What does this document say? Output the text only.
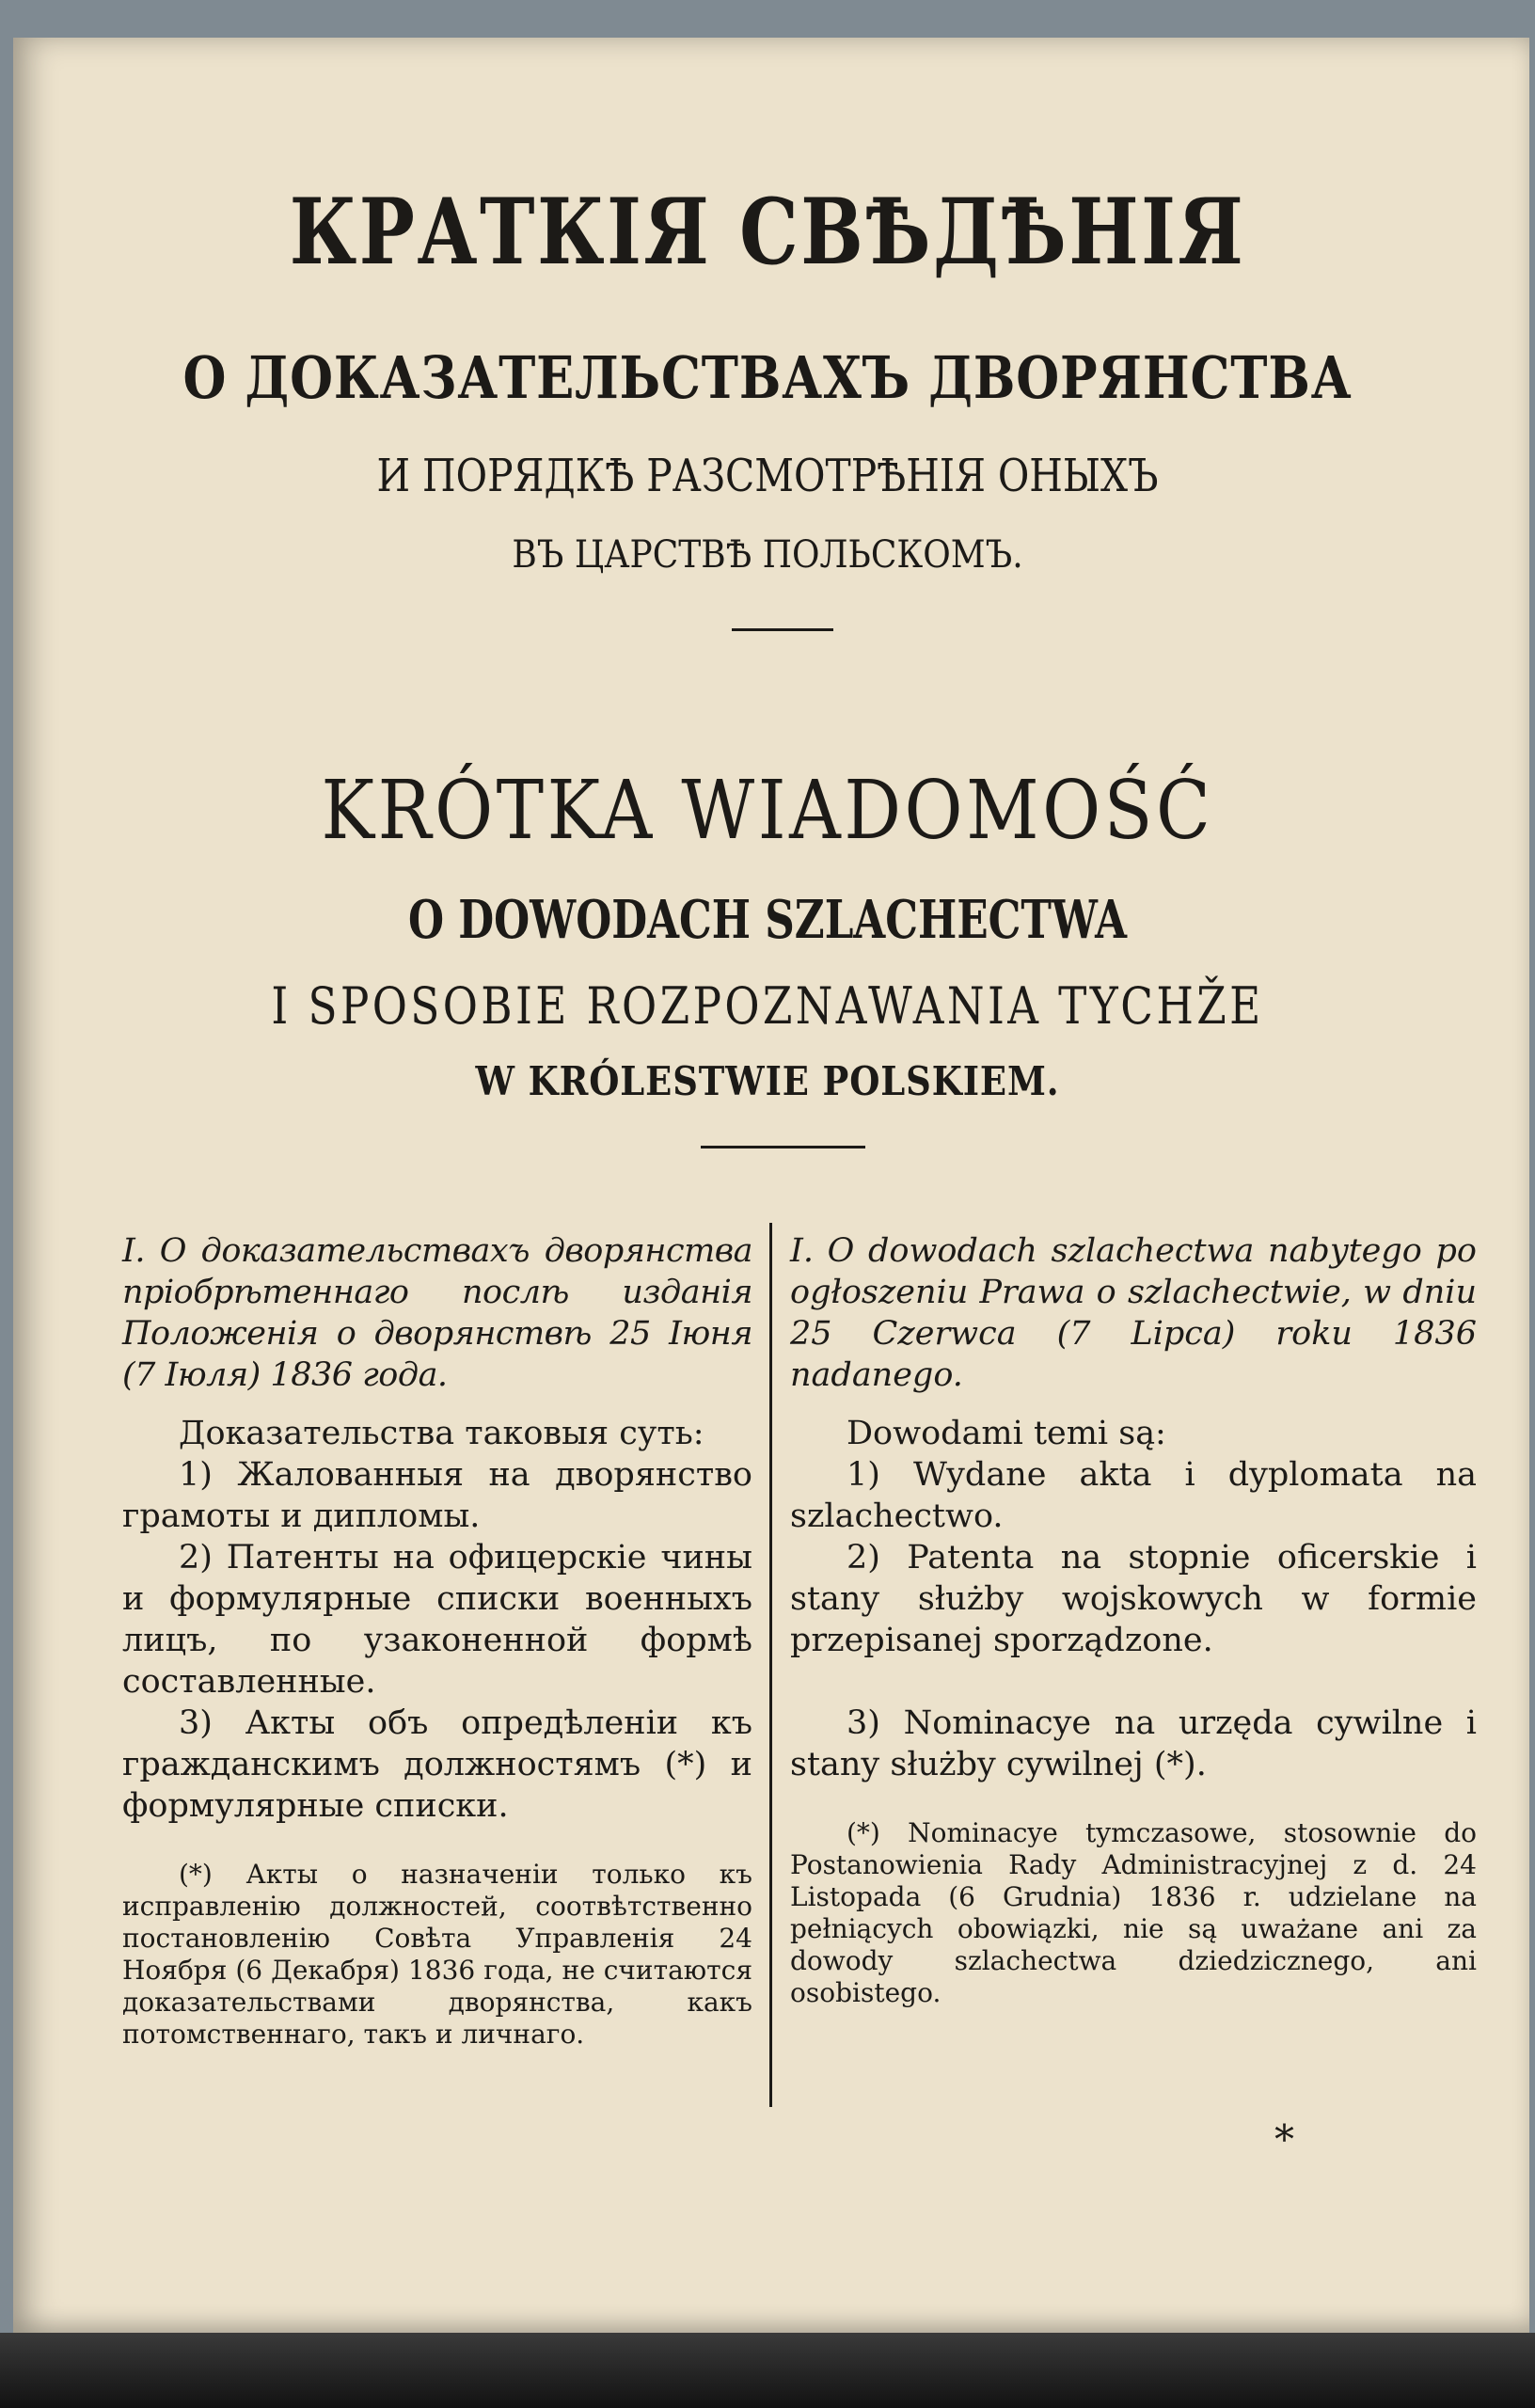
КРАТКІЯ СВѢДѢНІЯ
О ДОКАЗАТЕЛЬСТВАХЪ ДВОРЯНСТВА
И ПОРЯДКѢ РАЗСМОТРѢНІЯ ОНЫХЪ
ВЪ ЦАРСТВѢ ПОЛЬСКОМЪ.
KRÓTKA WIADOMOŚĆ
O DOWODACH SZLACHECTWA
I SPOSOBIE ROZPOZNAWANIA TYCHŽE
W KRÓLESTWIE POLSKIEM.

I. О доказательствахъ дворянства пріобрѣтеннаго послѣ изданія Положенія о дворянствѣ 25 Іюня (7 Іюля) 1836 года.

Доказательства таковыя суть:

1) Жалованныя на дворянство грамоты и дипломы.

2) Патенты на офицерскіе чины и формулярные списки военныхъ лицъ, по узаконенной формѣ составленные.

3) Акты объ опредѣленіи къ гражданскимъ должностямъ (*) и формулярные списки.

(*) Акты о назначеніи только къ исправленію должностей, соотвѣтственно постановленію Совѣта Управленія 24 Ноября (6 Декабря) 1836 года, не считаются доказательствами дворянства, какъ потомственнаго, такъ и личнаго.

I. O dowodach szlachectwa nabytego po ogłoszeniu Prawa o szlachectwie, w dniu 25 Czerwca (7 Lipca) roku 1836 nadanego.

Dowodami temi są:

1) Wydane akta i dyplomata na szlachectwo.

2) Patenta na stopnie oficerskie i stany służby wojskowych w formie przepisanej sporządzone.

3) Nominacye na urzęda cywilne i stany służby cywilnej (*).

(*) Nominacye tymczasowe, stosownie do Postanowienia Rady Administracyjnej z d. 24 Listopada (6 Grudnia) 1836 r. udzielane na pełniących obowiązki, nie są uważane ani za dowody szlachectwa dziedzicznego, ani osobistego.

*
